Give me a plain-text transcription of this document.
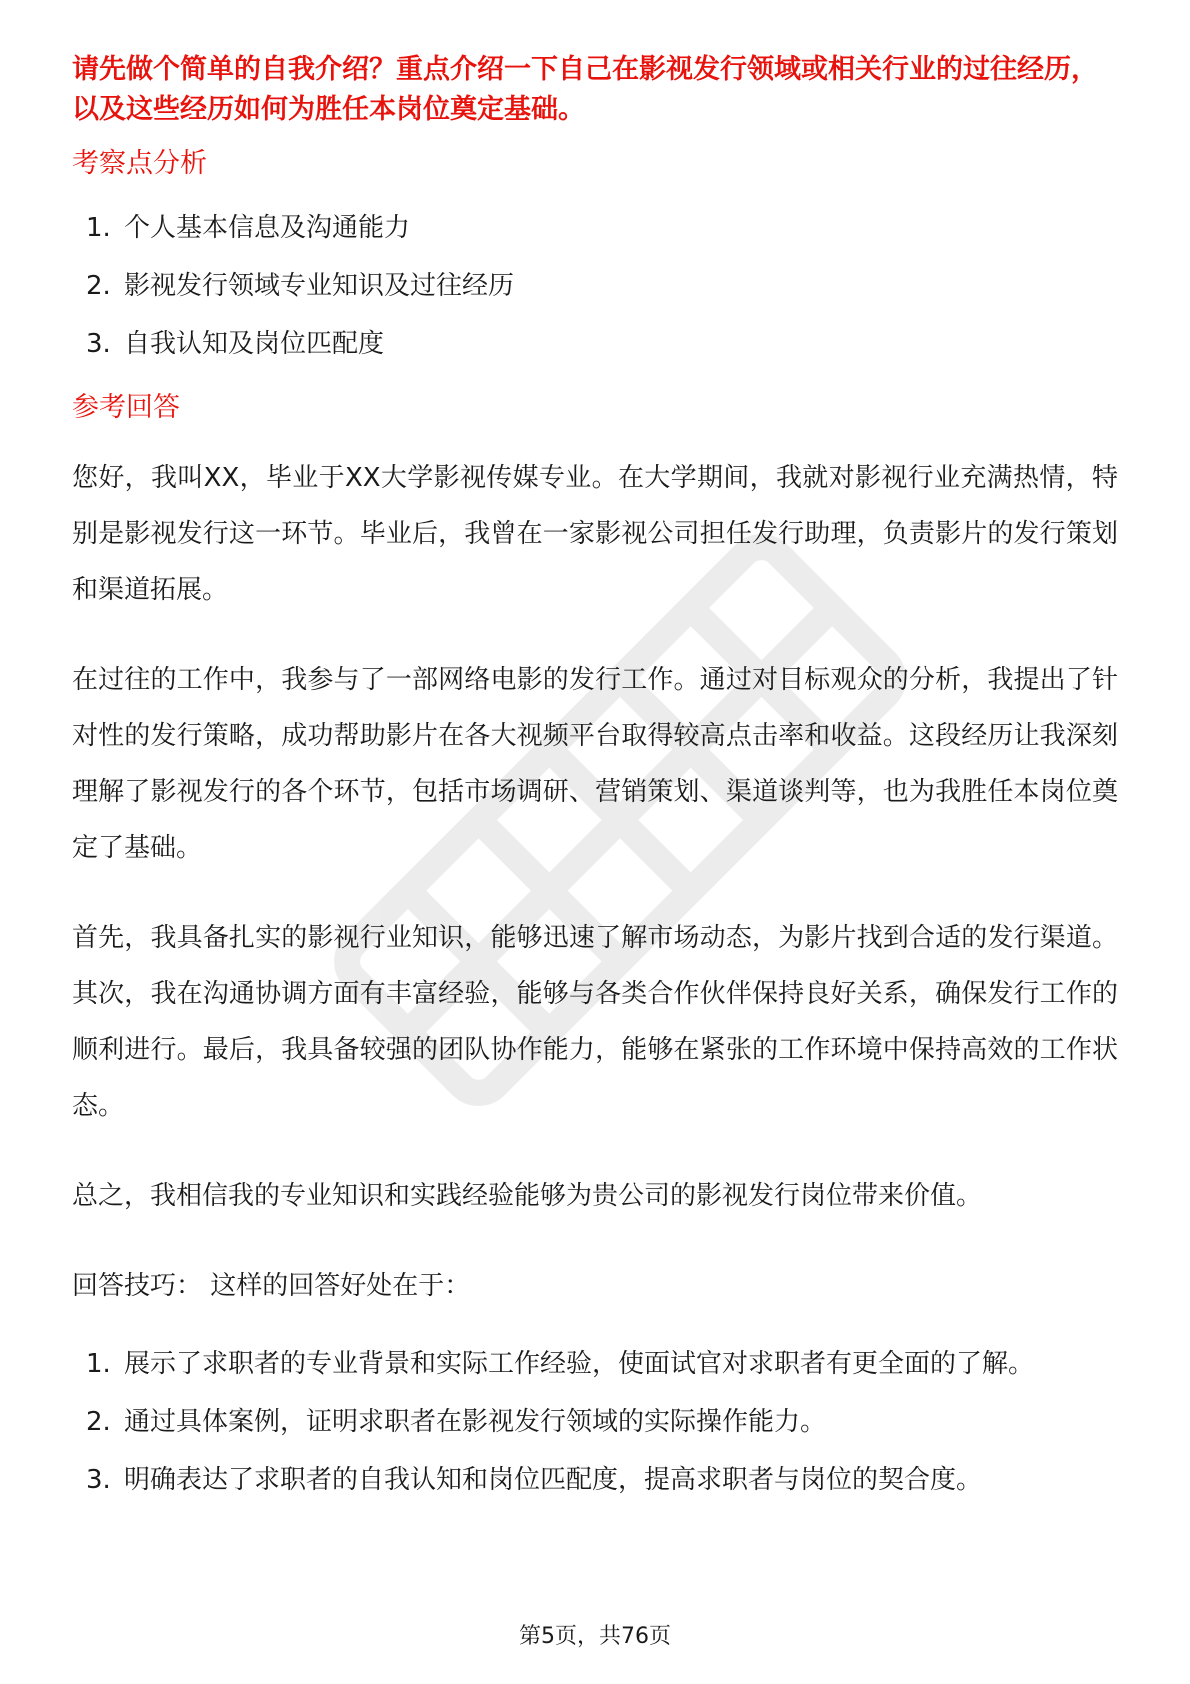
请先做个简单的自我介绍？重点介绍一下自己在影视发行领域或相关行业的过往经历，以及这些经历如何为胜任本岗位奠定基础。
考察点分析
1. 个人基本信息及沟通能力
2. 影视发行领域专业知识及过往经历
3. 自我认知及岗位匹配度
参考回答

您好，我叫XX，毕业于XX大学影视传媒专业。在大学期间，我就对影视行业充满热情，特别是影视发行这一环节。毕业后，我曾在一家影视公司担任发行助理，负责影片的发行策划和渠道拓展。

在过往的工作中，我参与了一部网络电影的发行工作。通过对目标观众的分析，我提出了针对性的发行策略，成功帮助影片在各大视频平台取得较高点击率和收益。这段经历让我深刻理解了影视发行的各个环节，包括市场调研、营销策划、渠道谈判等，也为我胜任本岗位奠定了基础。

首先，我具备扎实的影视行业知识，能够迅速了解市场动态，为影片找到合适的发行渠道。其次，我在沟通协调方面有丰富经验，能够与各类合作伙伴保持良好关系，确保发行工作的顺利进行。最后，我具备较强的团队协作能力，能够在紧张的工作环境中保持高效的工作状态。

总之，我相信我的专业知识和实践经验能够为贵公司的影视发行岗位带来价值。

回答技巧： 这样的回答好处在于：
1. 展示了求职者的专业背景和实际工作经验，使面试官对求职者有更全面的了解。
2. 通过具体案例，证明求职者在影视发行领域的实际操作能力。
3. 明确表达了求职者的自我认知和岗位匹配度，提高求职者与岗位的契合度。
第5页，共76页
